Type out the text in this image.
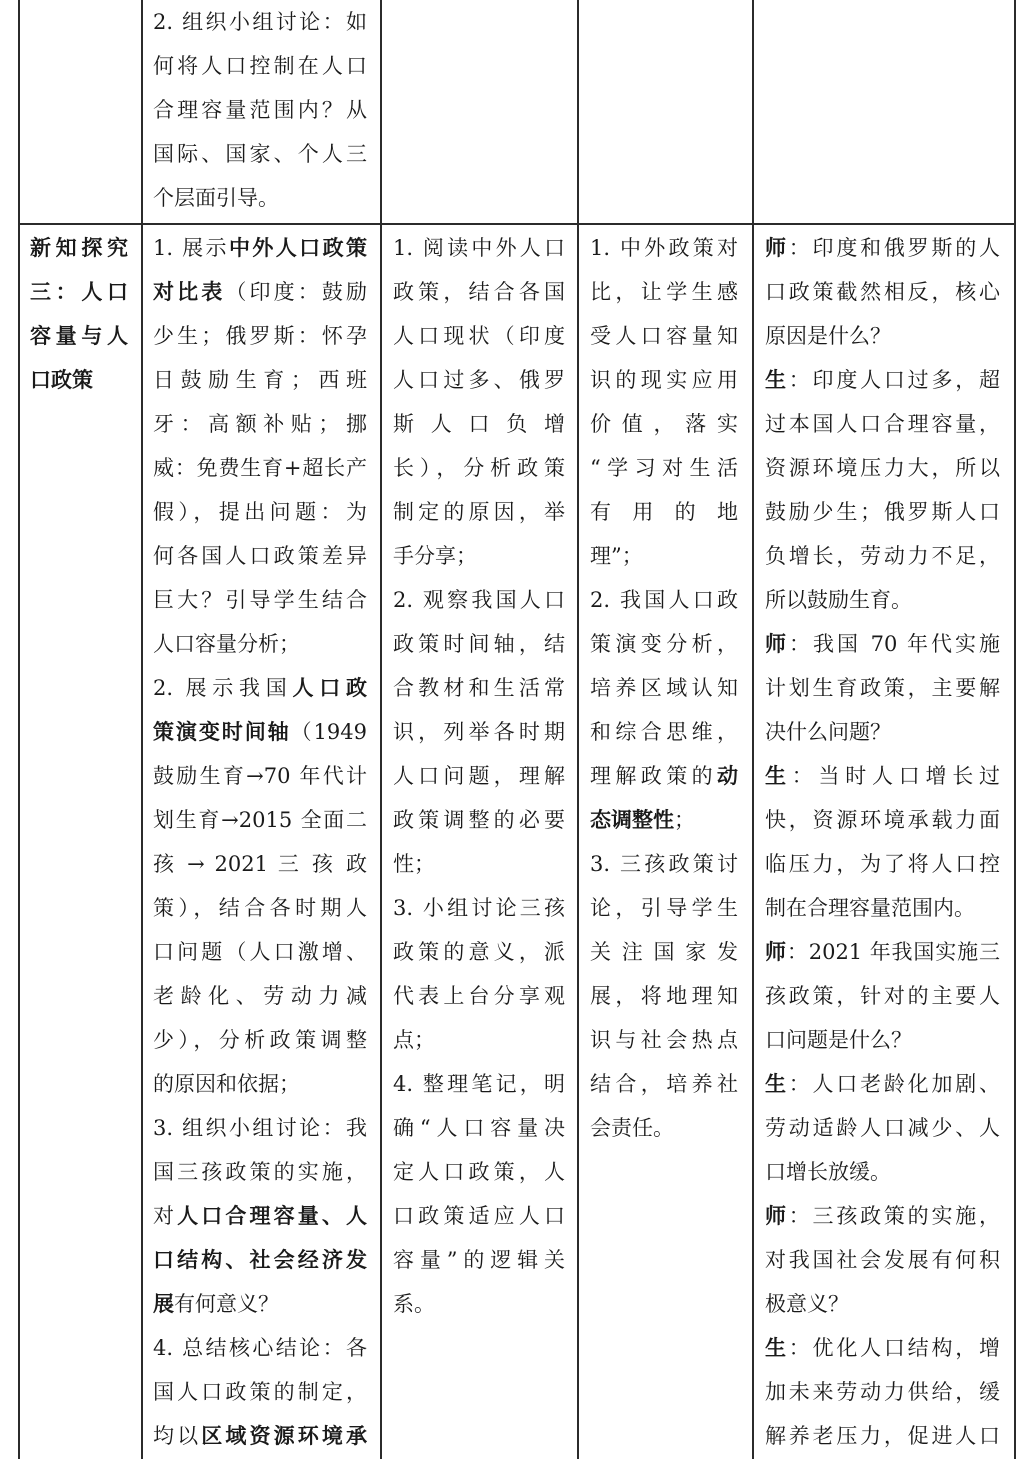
2. 组织小组讨论：如
何将人口控制在人口
合理容量范围内？从
国际、国家、个人三
个层面引导。
新知探究
三：人口
容量与人
口政策
1. 展示中外人口政策
对比表（印度：鼓励
少生；俄罗斯：怀孕
日鼓励生育；西班
牙：高额补贴；挪
威：免费生育+超长产
假），提出问题：为
何各国人口政策差异
巨大？引导学生结合
人口容量分析；
2. 展示我国人口政
策演变时间轴（1949
鼓励生育→70 年代计
划生育→2015 全面二
孩 → 2021 三 孩 政
策），结合各时期人
口问题（人口激增、
老龄化、劳动力减
少），分析政策调整
的原因和依据；
3. 组织小组讨论：我
国三孩政策的实施，
对人口合理容量、人
口结构、社会经济发
展有何意义？
4. 总结核心结论：各
国人口政策的制定，
均以区域资源环境承
1. 阅读中外人口
政策，结合各国
人口现状（印度
人口过多、俄罗
斯 人 口 负 增
长），分析政策
制定的原因，举
手分享；
2. 观察我国人口
政策时间轴，结
合教材和生活常
识，列举各时期
人口问题，理解
政策调整的必要
性；
3. 小组讨论三孩
政策的意义，派
代表上台分享观
点；
4. 整理笔记，明
确“人口容量决
定人口政策，人
口政策适应人口
容量”的逻辑关
系。
1. 中外政策对
比，让学生感
受人口容量知
识的现实应用
价 值 ， 落 实
“学习对生活
有 用 的 地
理”；
2. 我国人口政
策演变分析，
培养区域认知
和综合思维，
理解政策的动
态调整性；
3. 三孩政策讨
论，引导学生
关 注 国 家 发
展，将地理知
识与社会热点
结合，培养社
会责任。
师：印度和俄罗斯的人
口政策截然相反，核心
原因是什么？
生：印度人口过多，超
过本国人口合理容量，
资源环境压力大，所以
鼓励少生；俄罗斯人口
负增长，劳动力不足，
所以鼓励生育。
师：我国 70 年代实施
计划生育政策，主要解
决什么问题？
生：当时人口增长过
快，资源环境承载力面
临压力，为了将人口控
制在合理容量范围内。
师：2021 年我国实施三
孩政策，针对的主要人
口问题是什么？
生：人口老龄化加剧、
劳动适龄人口减少、人
口增长放缓。
师：三孩政策的实施，
对我国社会发展有何积
极意义？
生：优化人口结构，增
加未来劳动力供给，缓
解养老压力，促进人口
